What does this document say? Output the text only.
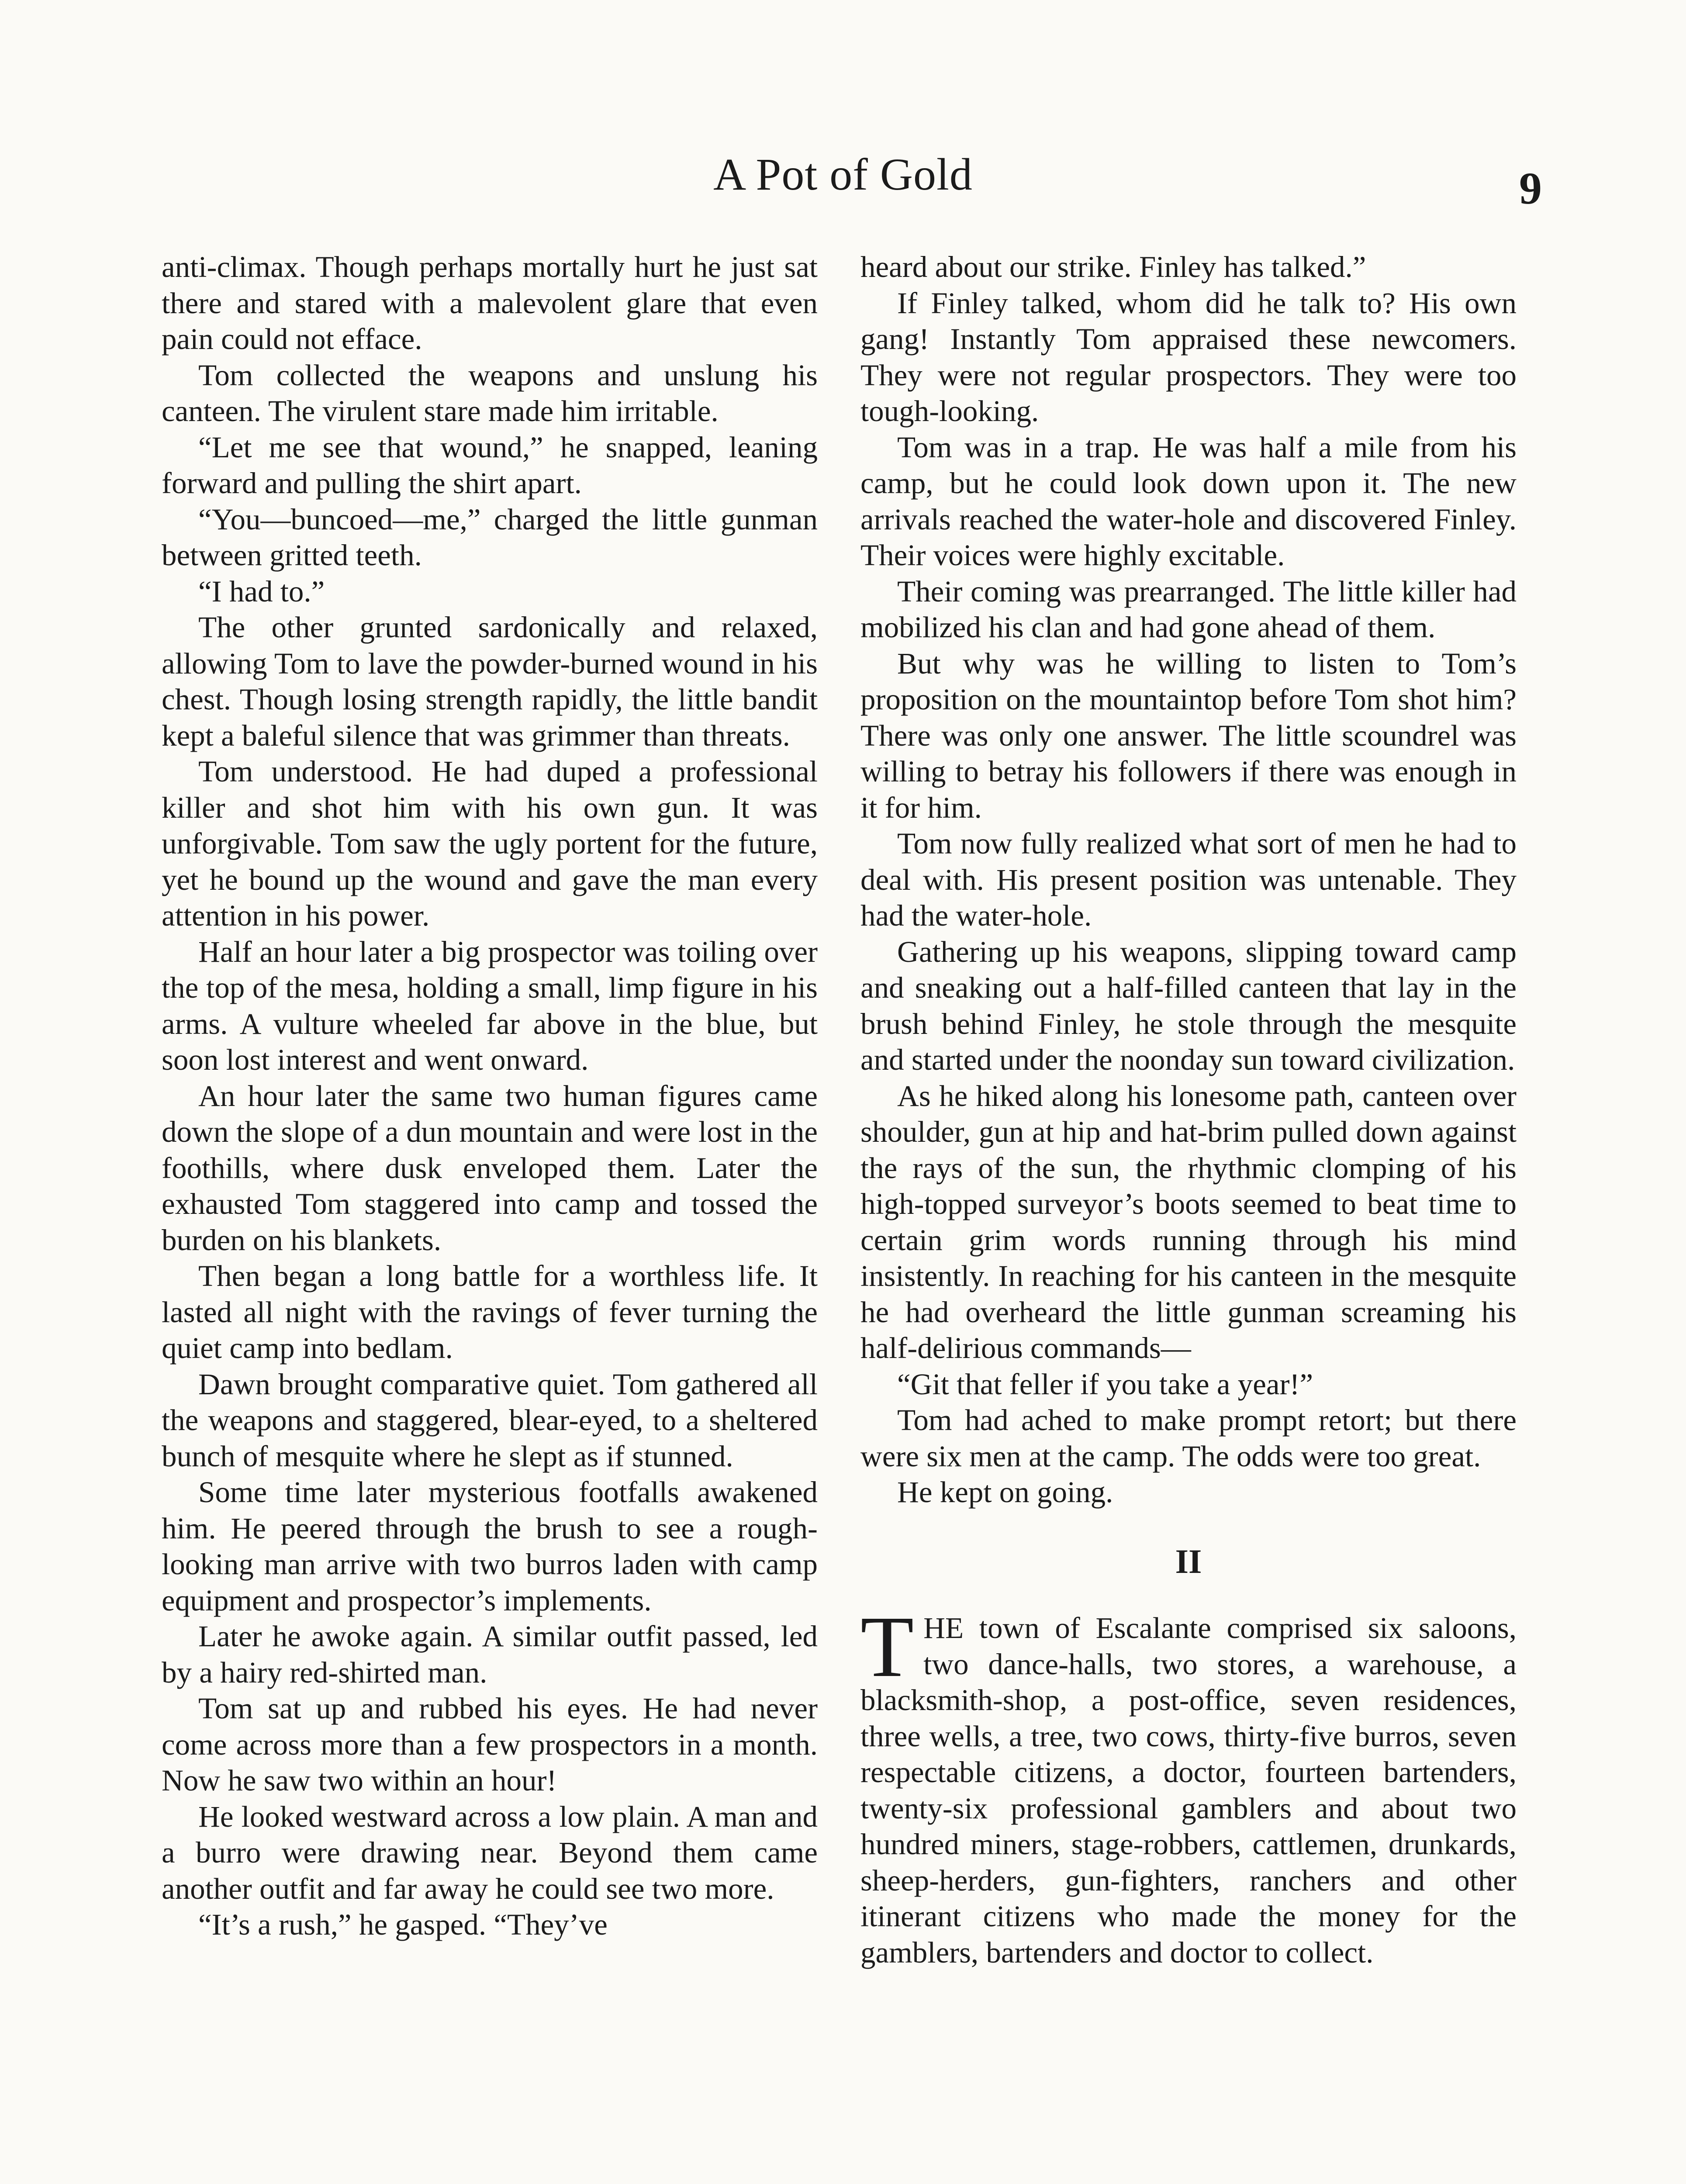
A Pot of Gold	9

anti-climax. Though perhaps mortally hurt he just sat there and stared with a malevolent glare that even pain could not efface.

Tom collected the weapons and unslung his canteen. The virulent stare made him irritable.

“Let me see that wound,” he snapped, leaning forward and pulling the shirt apart.

“You—buncoed—me,” charged the little gunman between gritted teeth.

“I had to.”

The other grunted sardonically and relaxed, allowing Tom to lave the powder-burned wound in his chest. Though losing strength rapidly, the little bandit kept a baleful silence that was grimmer than threats.

Tom understood. He had duped a professional killer and shot him with his own gun. It was unforgivable. Tom saw the ugly portent for the future, yet he bound up the wound and gave the man every attention in his power.

Half an hour later a big prospector was toiling over the top of the mesa, holding a small, limp figure in his arms. A vulture wheeled far above in the blue, but soon lost interest and went onward.

An hour later the same two human figures came down the slope of a dun mountain and were lost in the foothills, where dusk enveloped them. Later the exhausted Tom staggered into camp and tossed the burden on his blankets.

Then began a long battle for a worthless life. It lasted all night with the ravings of fever turning the quiet camp into bedlam.

Dawn brought comparative quiet. Tom gathered all the weapons and staggered, blear-eyed, to a sheltered bunch of mesquite where he slept as if stunned.

Some time later mysterious footfalls awakened him. He peered through the brush to see a rough-looking man arrive with two burros laden with camp equipment and prospector’s implements.

Later he awoke again. A similar outfit passed, led by a hairy red-shirted man.

Tom sat up and rubbed his eyes. He had never come across more than a few prospectors in a month. Now he saw two within an hour!

He looked westward across a low plain. A man and a burro were drawing near. Beyond them came another outfit and far away he could see two more.

“It’s a rush,” he gasped. “They’ve

heard about our strike. Finley has talked.”

If Finley talked, whom did he talk to? His own gang! Instantly Tom appraised these newcomers. They were not regular prospectors. They were too tough-looking.

Tom was in a trap. He was half a mile from his camp, but he could look down upon it. The new arrivals reached the water-hole and discovered Finley. Their voices were highly excitable.

Their coming was prearranged. The little killer had mobilized his clan and had gone ahead of them.

But why was he willing to listen to Tom’s proposition on the mountaintop before Tom shot him? There was only one answer. The little scoundrel was willing to betray his followers if there was enough in it for him.

Tom now fully realized what sort of men he had to deal with. His present position was untenable. They had the water-hole.

Gathering up his weapons, slipping toward camp and sneaking out a half-filled canteen that lay in the brush behind Finley, he stole through the mesquite and started under the noonday sun toward civilization.

As he hiked along his lonesome path, canteen over shoulder, gun at hip and hat-brim pulled down against the rays of the sun, the rhythmic clomping of his high-topped surveyor’s boots seemed to beat time to certain grim words running through his mind insistently. In reaching for his canteen in the mesquite he had overheard the little gunman screaming his half-delirious commands—

“Git that feller if you take a year!”

Tom had ached to make prompt retort; but there were six men at the camp. The odds were too great.

He kept on going.

II

THE town of Escalante comprised six saloons, two dance-halls, two stores, a warehouse, a blacksmith-shop, a post-office, seven residences, three wells, a tree, two cows, thirty-five burros, seven respectable citizens, a doctor, fourteen bartenders, twenty-six professional gamblers and about two hundred miners, stage-robbers, cattlemen, drunkards, sheep-herders, gun-fighters, ranchers and other itinerant citizens who made the money for the gamblers, bartenders and doctor to collect.
